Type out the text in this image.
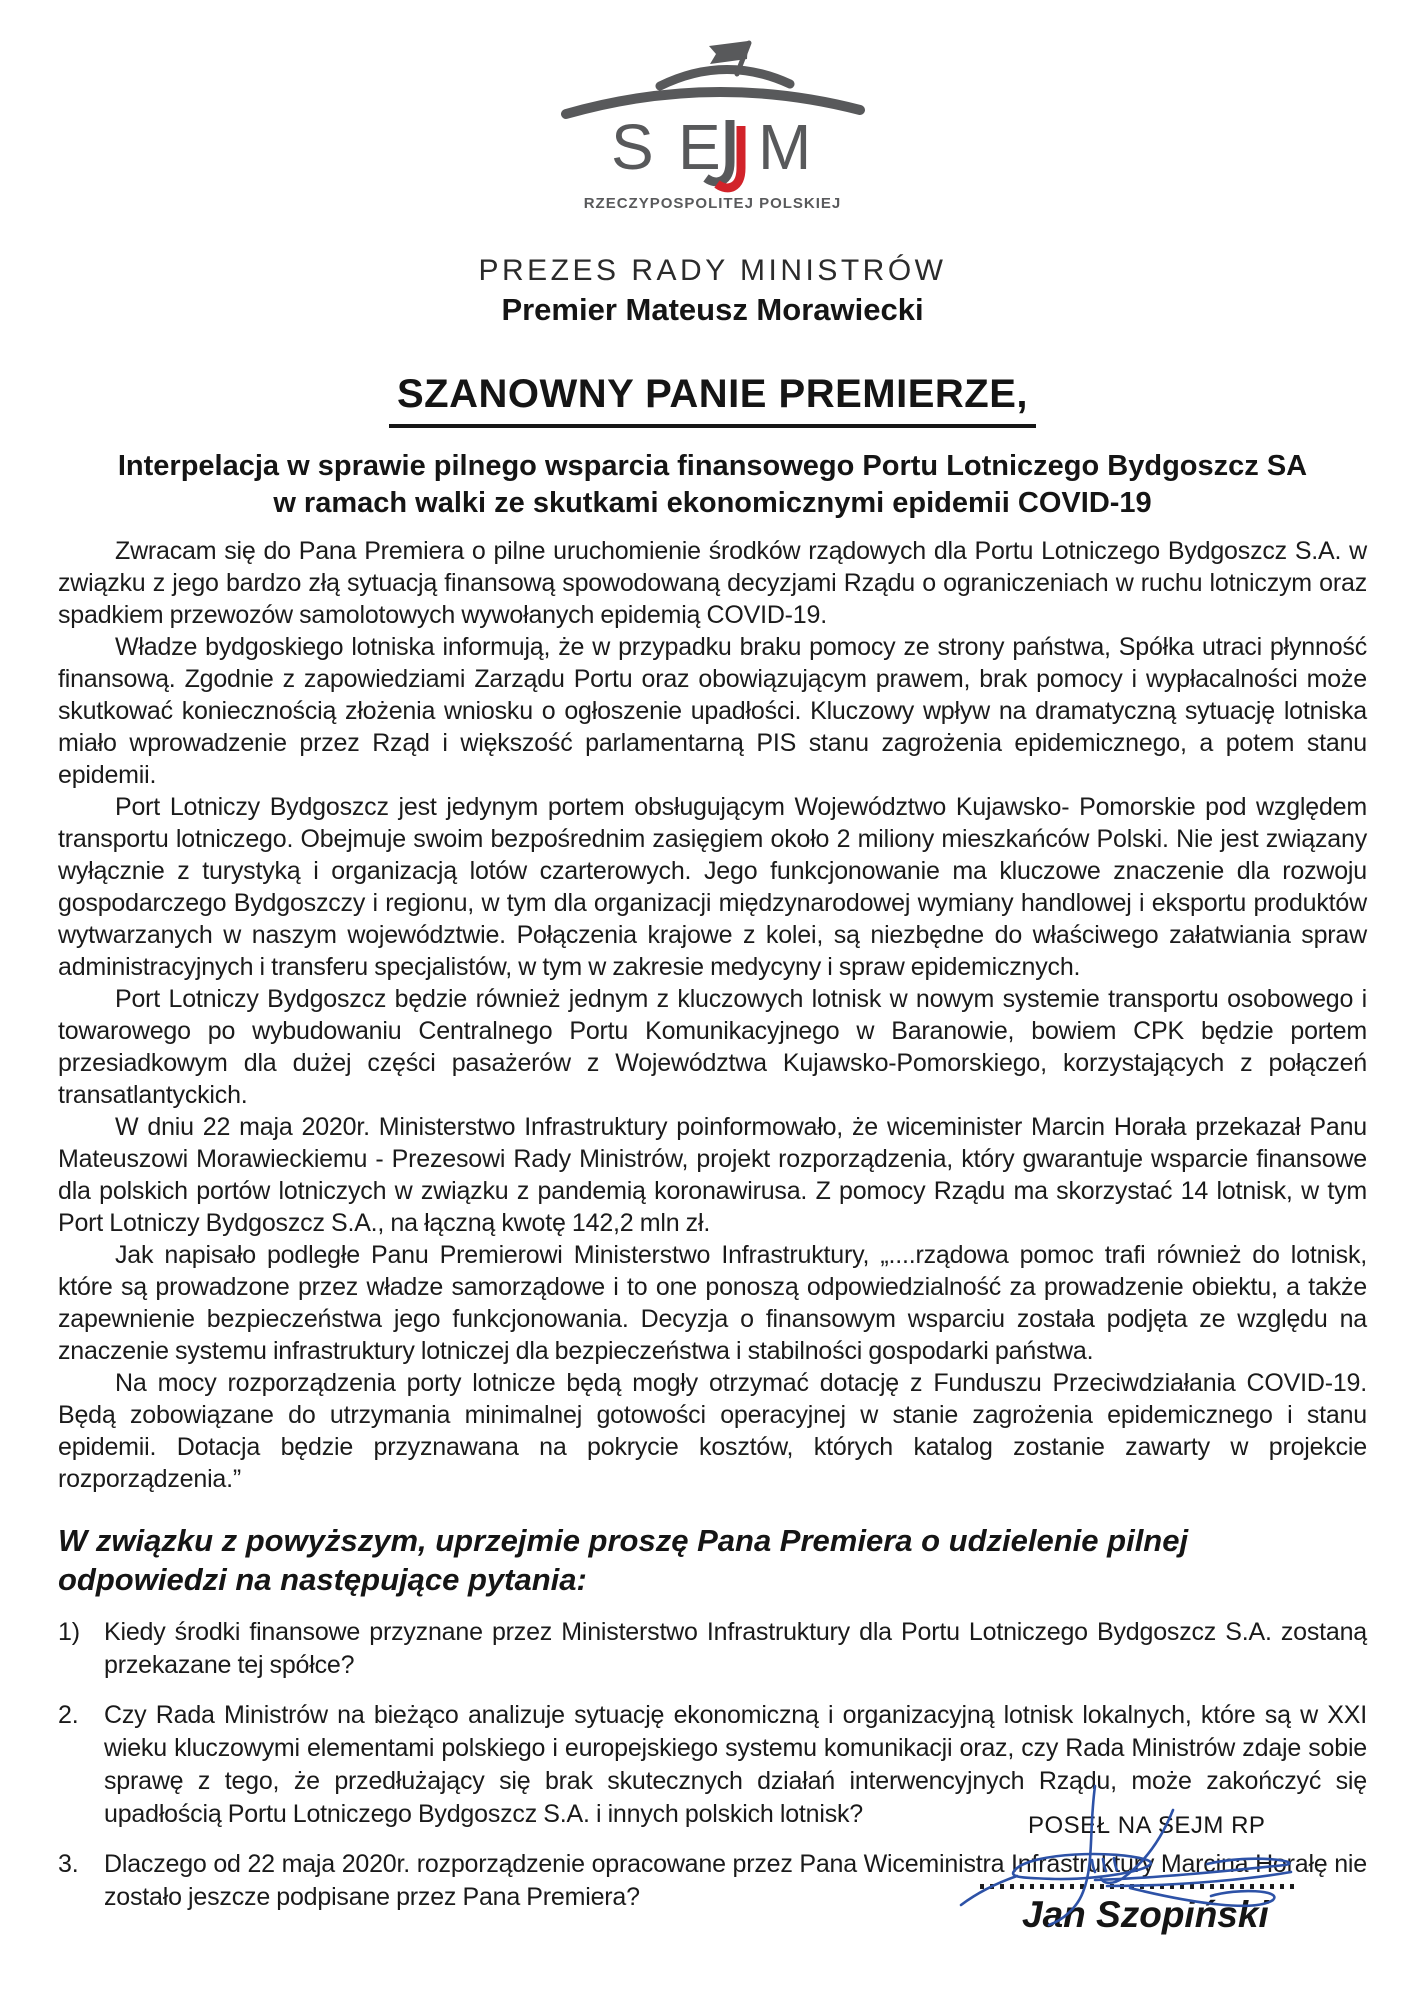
S E M
RZECZYPOSPOLITEJ POLSKIEJ
PREZES RADY MINISTRÓW
Premier Mateusz Morawiecki
SZANOWNY PANIE PREMIERZE,
Interpelacja w sprawie pilnego wsparcia finansowego Portu Lotniczego Bydgoszcz SA
w ramach walki ze skutkami ekonomicznymi epidemii COVID-19

Zwracam się do Pana Premiera o pilne uruchomienie środków rządowych dla Portu Lotniczego Bydgoszcz S.A. w związku z jego bardzo złą sytuacją finansową spowodowaną decyzjami Rządu o ograniczeniach w ruchu lotniczym oraz spadkiem przewozów samolotowych wywołanych epidemią COVID-19.

Władze bydgoskiego lotniska informują, że w przypadku braku pomocy ze strony państwa, Spółka utraci płynność finansową. Zgodnie z zapowiedziami Zarządu Portu oraz obowiązującym prawem, brak pomocy i wypłacalności może skutkować koniecznością złożenia wniosku o ogłoszenie upadłości. Kluczowy wpływ na dramatyczną sytuację lotniska miało wprowadzenie przez Rząd i większość parlamentarną PIS stanu zagrożenia epidemicznego, a potem stanu epidemii.

Port Lotniczy Bydgoszcz jest jedynym portem obsługującym Województwo Kujawsko- Pomorskie pod względem transportu lotniczego. Obejmuje swoim bezpośrednim zasięgiem około 2 miliony mieszkańców Polski. Nie jest związany wyłącznie z turystyką i organizacją lotów czarterowych. Jego funkcjonowanie ma kluczowe znaczenie dla rozwoju gospodarczego Bydgoszczy i regionu, w tym dla organizacji międzynarodowej wymiany handlowej i eksportu produktów wytwarzanych w naszym województwie. Połączenia krajowe z kolei, są niezbędne do właściwego załatwiania spraw administracyjnych i transferu specjalistów, w tym w zakresie medycyny i spraw epidemicznych.

Port Lotniczy Bydgoszcz będzie również jednym z kluczowych lotnisk w nowym systemie transportu osobowego i towarowego po wybudowaniu Centralnego Portu Komunikacyjnego w Baranowie, bowiem CPK będzie portem przesiadkowym dla dużej części pasażerów z Województwa Kujawsko-Pomorskiego, korzystających z połączeń transatlantyckich.

W dniu 22 maja 2020r. Ministerstwo Infrastruktury poinformowało, że wiceminister Marcin Horała przekazał Panu Mateuszowi Morawieckiemu - Prezesowi Rady Ministrów, projekt rozporządzenia, który gwarantuje wsparcie finansowe dla polskich portów lotniczych w związku z pandemią koronawirusa. Z pomocy Rządu ma skorzystać 14 lotnisk, w tym Port Lotniczy Bydgoszcz S.A., na łączną kwotę 142,2 mln zł.

Jak napisało podległe Panu Premierowi Ministerstwo Infrastruktury, „....rządowa pomoc trafi również do lotnisk, które są prowadzone przez władze samorządowe i to one ponoszą odpowiedzialność za prowadzenie obiektu, a także zapewnienie bezpieczeństwa jego funkcjonowania. Decyzja o finansowym wsparciu została podjęta ze względu na znaczenie systemu infrastruktury lotniczej dla bezpieczeństwa i stabilności gospodarki państwa.

Na mocy rozporządzenia porty lotnicze będą mogły otrzymać dotację z Funduszu Przeciwdziałania COVID-19. Będą zobowiązane do utrzymania minimalnej gotowości operacyjnej w stanie zagrożenia epidemicznego i stanu epidemii. Dotacja będzie przyznawana na pokrycie kosztów, których katalog zostanie zawarty w projekcie rozporządzenia.”

W związku z powyższym, uprzejmie proszę Pana Premiera o udzielenie pilnej
odpowiedzi na następujące pytania:
1) Kiedy środki finansowe przyznane przez Ministerstwo Infrastruktury dla Portu Lotniczego Bydgoszcz S.A. zostaną przekazane tej spółce?
2.	Czy Rada Ministrów na bieżąco analizuje sytuację ekonomiczną i organizacyjną lotnisk lokalnych, które są w XXI wieku kluczowymi elementami polskiego i europejskiego systemu komunikacji oraz, czy Rada Ministrów zdaje sobie sprawę z tego, że przedłużający się brak skutecznych działań interwencyjnych Rządu, może zakończyć się upadłością Portu Lotniczego Bydgoszcz S.A. i innych polskich lotnisk?
3.	Dlaczego od 22 maja 2020r. rozporządzenie opracowane przez Pana Wiceministra Infrastruktury Marcina Horałę nie zostało jeszcze podpisane przez Pana Premiera?
POSEŁ NA SEJM RP
Jan Szopiński
